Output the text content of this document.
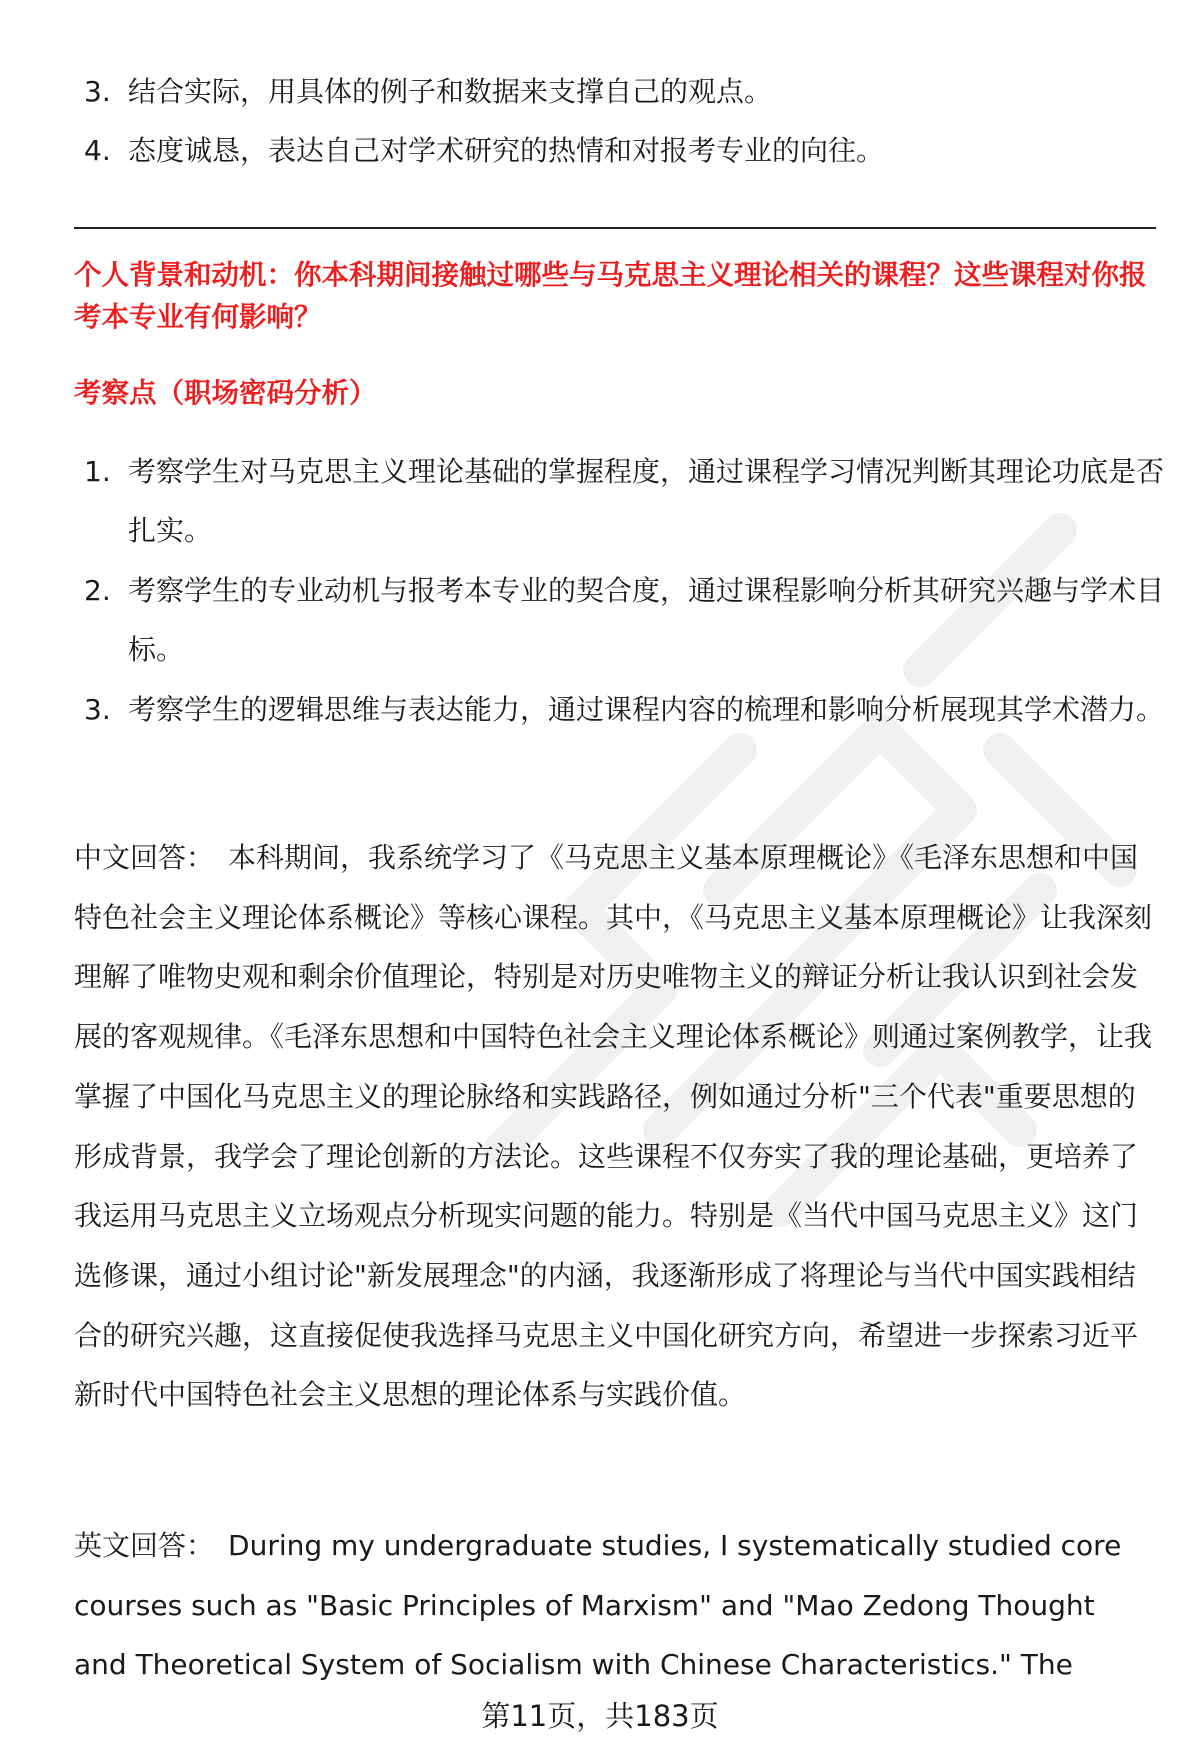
3. 结合实际，用具体的例子和数据来支撑自己的观点。
4. 态度诚恳，表达自己对学术研究的热情和对报考专业的向往。
个人背景和动机：你本科期间接触过哪些与马克思主义理论相关的课程？这些课程对你报考本专业有何影响？
考察点（职场密码分析）
1. 考察学生对马克思主义理论基础的掌握程度，通过课程学习情况判断其理论功底是否扎实。
2. 考察学生的专业动机与报考本专业的契合度，通过课程影响分析其研究兴趣与学术目标。
3. 考察学生的逻辑思维与表达能力，通过课程内容的梳理和影响分析展现其学术潜力。
中文回答： 本科期间，我系统学习了《马克思主义基本原理概论》《毛泽东思想和中国特色社会主义理论体系概论》等核心课程。其中，《马克思主义基本原理概论》让我深刻理解了唯物史观和剩余价值理论，特别是对历史唯物主义的辩证分析让我认识到社会发展的客观规律。《毛泽东思想和中国特色社会主义理论体系概论》则通过案例教学，让我掌握了中国化马克思主义的理论脉络和实践路径，例如通过分析"三个代表"重要思想的形成背景，我学会了理论创新的方法论。这些课程不仅夯实了我的理论基础，更培养了我运用马克思主义立场观点分析现实问题的能力。特别是《当代中国马克思主义》这门选修课，通过小组讨论"新发展理念"的内涵，我逐渐形成了将理论与当代中国实践相结合的研究兴趣，这直接促使我选择马克思主义中国化研究方向，希望进一步探索习近平新时代中国特色社会主义思想的理论体系与实践价值。
英文回答： During my undergraduate studies, I systematically studied core courses such as "Basic Principles of Marxism" and "Mao Zedong Thought and Theoretical System of Socialism with Chinese Characteristics." The
第11页，共183页
